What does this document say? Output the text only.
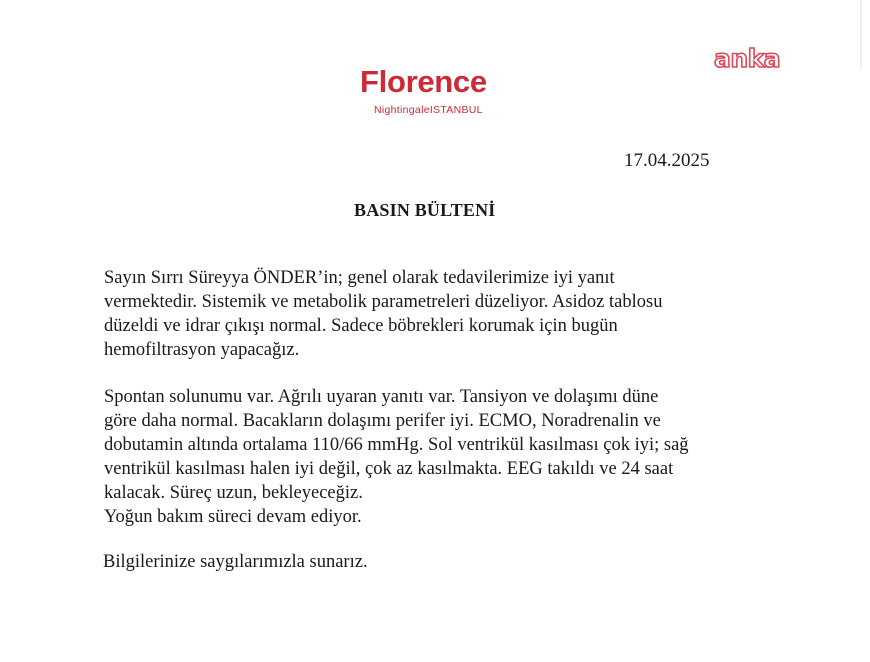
Florence
NightingaleISTANBUL
anka
17.04.2025
BASIN BÜLTENİ
Sayın Sırrı Süreyya ÖNDER’in; genel olarak tedavilerimize iyi yanıt
vermektedir. Sistemik ve metabolik parametreleri düzeliyor. Asidoz tablosu
düzeldi ve idrar çıkışı normal. Sadece böbrekleri korumak için bugün
hemofiltrasyon yapacağız.
Spontan solunumu var. Ağrılı uyaran yanıtı var. Tansiyon ve dolaşımı düne
göre daha normal. Bacakların dolaşımı perifer iyi. ECMO, Noradrenalin ve
dobutamin altında ortalama 110/66 mmHg. Sol ventrikül kasılması çok iyi; sağ
ventrikül kasılması halen iyi değil, çok az kasılmakta. EEG takıldı ve 24 saat
kalacak. Süreç uzun, bekleyeceğiz.
Yoğun bakım süreci devam ediyor.
Bilgilerinize saygılarımızla sunarız.
